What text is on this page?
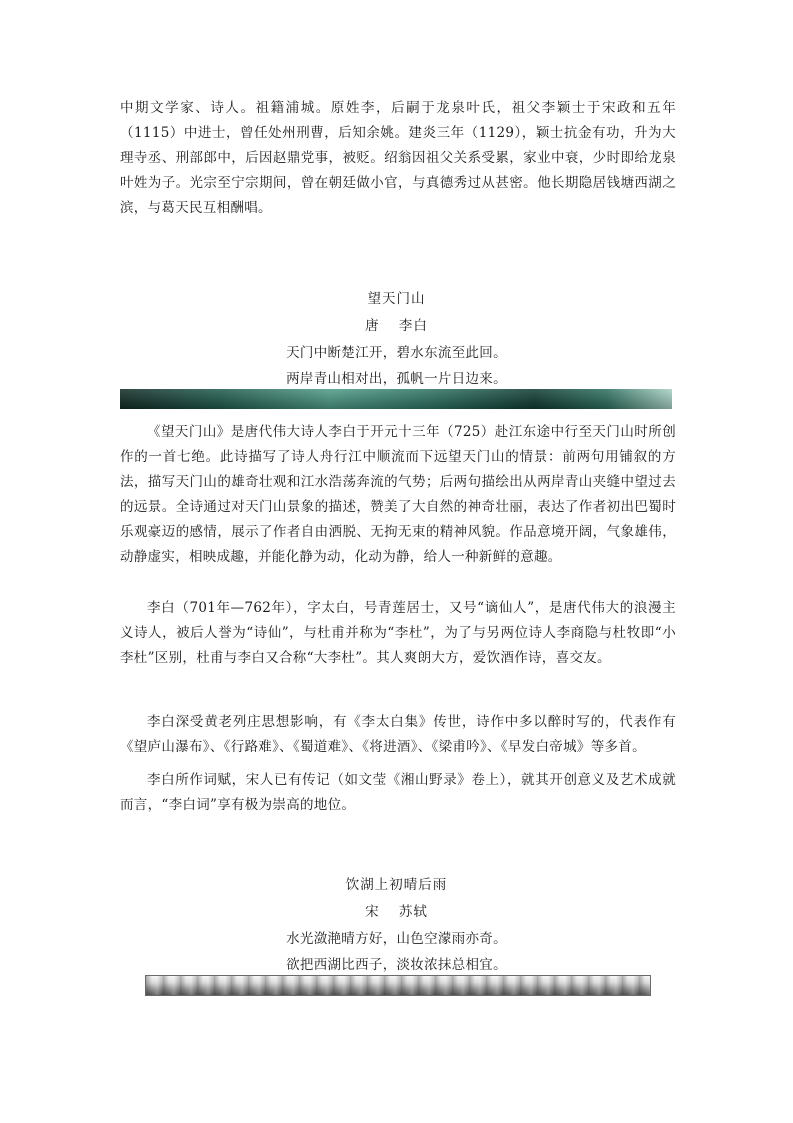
中期文学家、诗人。祖籍浦城。原姓李，后嗣于龙泉叶氏，祖父李颖士于宋政和五年（1115）中进士，曾任处州刑曹，后知余姚。建炎三年（1129），颖士抗金有功，升为大理寺丞、刑部郎中，后因赵鼎党事，被贬。绍翁因祖父关系受累，家业中衰，少时即给龙泉叶姓为子。光宗至宁宗期间，曾在朝廷做小官，与真德秀过从甚密。他长期隐居钱塘西湖之滨，与葛天民互相酬唱。

望天门山

唐 李白

天门中断楚江开，碧水东流至此回。

两岸青山相对出，孤帆一片日边来。

《望天门山》是唐代伟大诗人李白于开元十三年（725）赴江东途中行至天门山时所创作的一首七绝。此诗描写了诗人舟行江中顺流而下远望天门山的情景：前两句用铺叙的方法，描写天门山的雄奇壮观和江水浩荡奔流的气势；后两句描绘出从两岸青山夹缝中望过去的远景。全诗通过对天门山景象的描述，赞美了大自然的神奇壮丽，表达了作者初出巴蜀时乐观豪迈的感情，展示了作者自由洒脱、无拘无束的精神风貌。作品意境开阔，气象雄伟，动静虚实，相映成趣，并能化静为动，化动为静，给人一种新鲜的意趣。

李白（701年—762年），字太白，号青莲居士，又号“谪仙人”，是唐代伟大的浪漫主义诗人，被后人誉为“诗仙”，与杜甫并称为“李杜”，为了与另两位诗人李商隐与杜牧即“小李杜”区别，杜甫与李白又合称“大李杜”。其人爽朗大方，爱饮酒作诗，喜交友。

李白深受黄老列庄思想影响，有《李太白集》传世，诗作中多以醉时写的，代表作有《望庐山瀑布》、《行路难》、《蜀道难》、《将进酒》、《梁甫吟》、《早发白帝城》等多首。

李白所作词赋，宋人已有传记（如文莹《湘山野录》卷上），就其开创意义及艺术成就而言，“李白词”享有极为崇高的地位。

饮湖上初晴后雨

宋 苏轼

水光潋滟晴方好，山色空濛雨亦奇。

欲把西湖比西子，淡妆浓抹总相宜。
